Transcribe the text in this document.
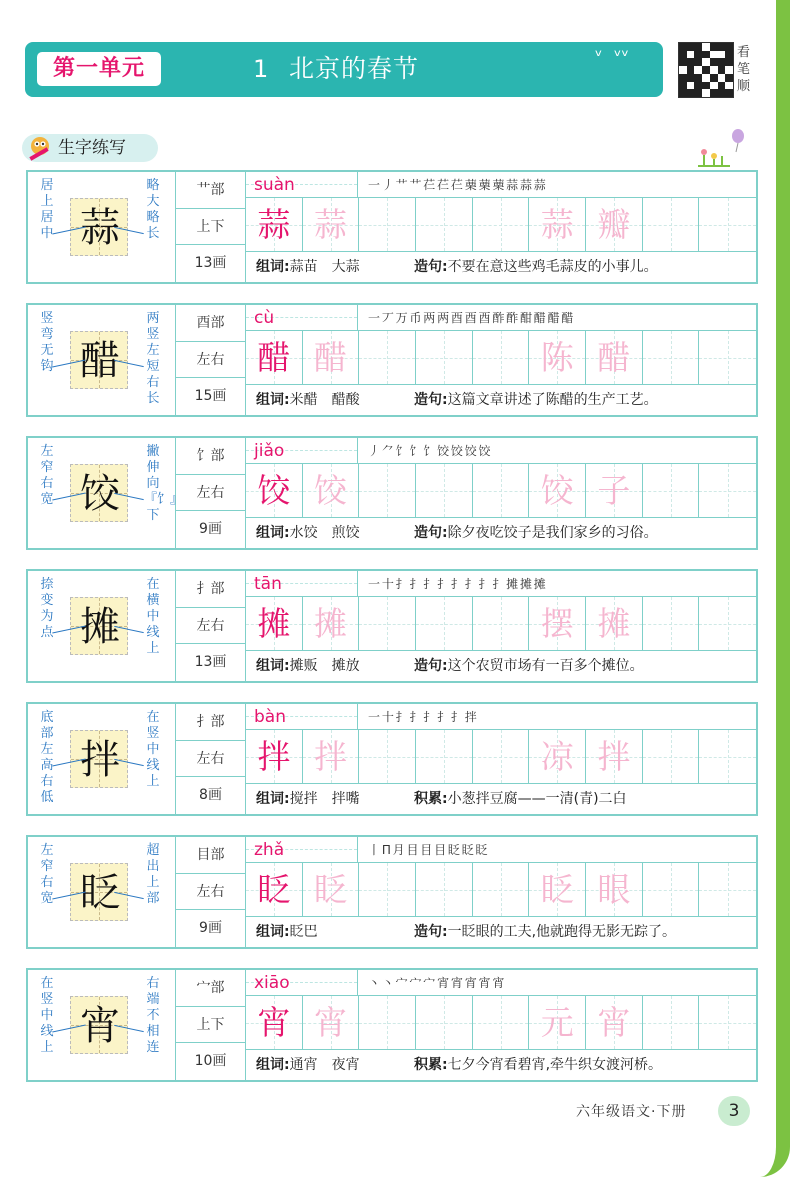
第一单元	1 北京的春节	ᵛ  ᵛᵛ	看笔顺
生字练写
居上居中 蒜
略大略长
艹部
上下
13画
suàn	一 丿 艹 艹 芢 芢 芢 䔁 䔁 䔁 蒜 蒜 蒜
蒜 蒜	蒜 瓣
组词:蒜苗　大蒜	造句:不要在意这些鸡毛蒜皮的小事儿。
竖弯无钩 醋
两竖左短右长
酉部
左右
15画
cù	一 丆 万 币 两 两 酉 酉 酉 酢 酢 酣 醋 醋 醋
醋 醋	陈 醋
组词:米醋　醋酸	造句:这篇文章讲述了陈醋的生产工艺。
左窄右宽 饺
撇伸向『饣』下
饣部
左右
9画
jiǎo	丿 ⺈ 饣 饣 饣 饺 饺 饺 饺
饺 饺	饺 子
组词:水饺　煎饺	造句:除夕夜吃饺子是我们家乡的习俗。
捺变为点 摊
在横中线上
扌部
左右
13画
tān	一 十 扌 扌 扌 扌 扌 扌 扌 扌 摊 摊 摊
摊 摊	摆 摊
组词:摊贩　摊放	造句:这个农贸市场有一百多个摊位。
底部左高右低
拌
在竖中线上
扌部
左右
8画
bàn	一 十 扌 扌 扌 扌 扌 拌
拌 拌	凉 拌
组词:搅拌　拌嘴	积累:小葱拌豆腐——一清(青)二白
左窄右宽 眨
超出上部
目部
左右
9画
zhǎ	丨 П 月 目 目 目 眨 眨 眨
眨 眨	眨 眼
组词:眨巴	造句:一眨眼的工夫,他就跑得无影无踪了。
在竖中线上 宵
右端不相连
宀部
上下
10画
xiāo	丶 丶 宀 宀 宀 宵 宵 宵 宵 宵
宵 宵	元 宵
组词:通宵　夜宵	积累:七夕今宵看碧宵,牵牛织女渡河桥。
六年级语文·下册	3
